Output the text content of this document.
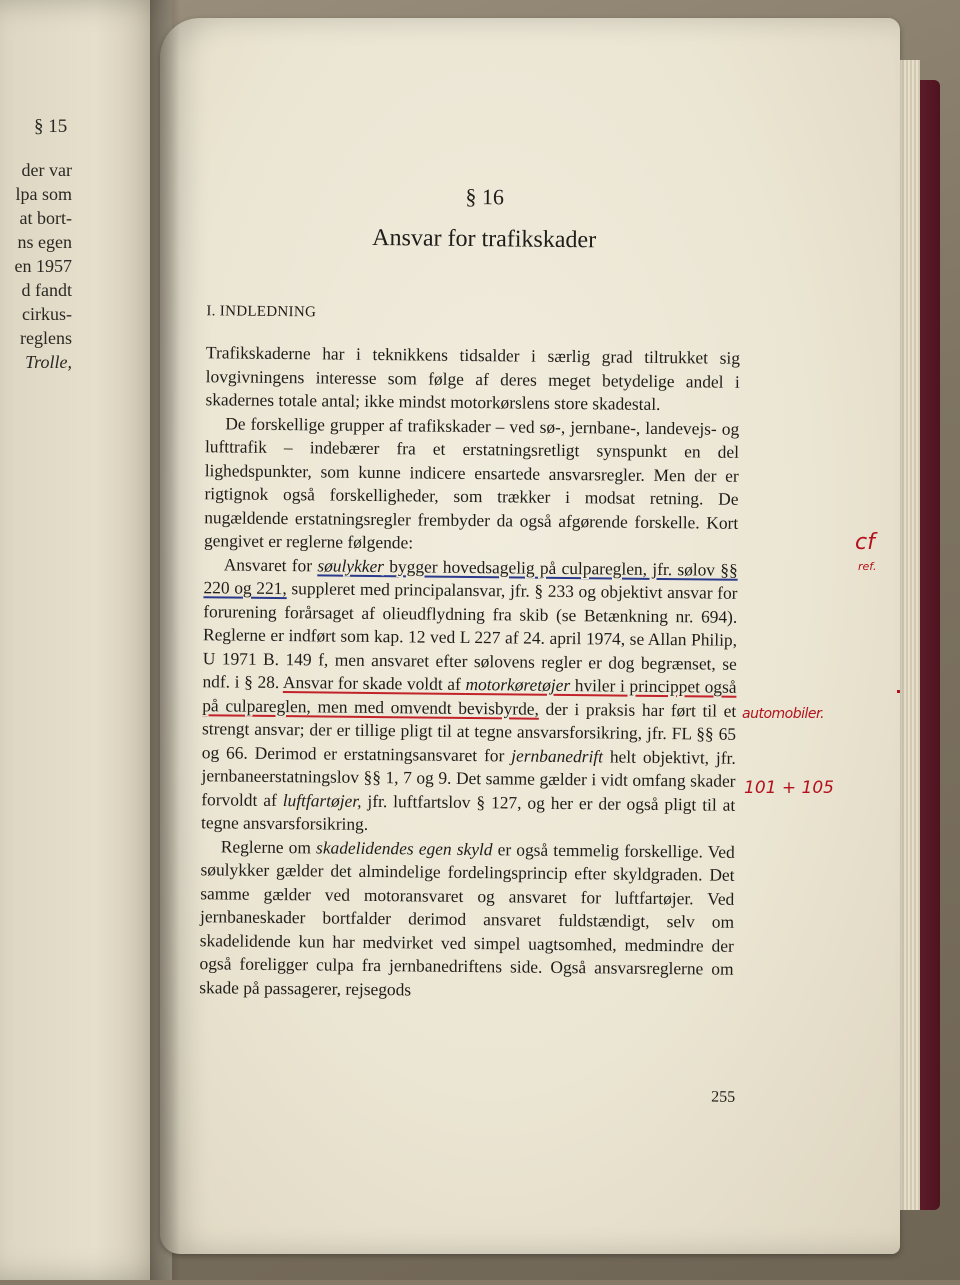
§ 15
der var
lpa som
at bort-
ns egen
en 1957
d fandt
cirkus-
reglens
Trolle,
§ 16
Ansvar for trafikskader
I. INDLEDNING

Trafikskaderne har i teknikkens tidsalder i særlig grad tiltrukket sig lovgivningens interesse som følge af deres meget betydelige andel i skadernes totale antal; ikke mindst motorkørslens store skadestal.

De forskellige grupper af trafikskader – ved sø-, jernbane-, landevejs- og lufttrafik – indebærer fra et erstatningsretligt synspunkt en del lighedspunkter, som kunne indicere ensartede ansvarsregler. Men der er rigtignok også forskelligheder, som trækker i modsat retning. De nugældende erstatningsregler frembyder da også afgørende forskelle. Kort gengivet er reglerne følgende:

Ansvaret for søulykker bygger hovedsagelig på culpareglen, jfr. sølov §§ 220 og 221, suppleret med principalansvar, jfr. § 233 og objektivt ansvar for forurening forårsaget af olieudflydning fra skib (se Betænkning nr. 694). Reglerne er indført som kap. 12 ved L 227 af 24. april 1974, se Allan Philip, U 1971 B. 149 f, men ansvaret efter sølovens regler er dog begrænset, se ndf. i § 28. Ansvar for skade voldt af motorkøretøjer hviler i princippet også på culpareglen, men med omvendt bevisbyrde, der i praksis har ført til et strengt ansvar; der er tillige pligt til at tegne ansvarsforsikring, jfr. FL §§ 65 og 66. Derimod er erstatningsansvaret for jernbanedrift helt objektivt, jfr. jernbaneerstatningslov §§ 1, 7 og 9. Det samme gælder i vidt omfang skader forvoldt af luftfartøjer, jfr. luftfartslov § 127, og her er der også pligt til at tegne ansvarsforsikring.

Reglerne om skadelidendes egen skyld er også temmelig forskellige. Ved søulykker gælder det almindelige fordelingsprincip efter skyldgraden. Det samme gælder ved motoransvaret og ansvaret for luftfartøjer. Ved jernbaneskader bortfalder derimod ansvaret fuldstændigt, selv om skadelidende kun har medvirket ved simpel uagtsomhed, medmindre der også foreligger culpa fra jernbanedriftens side. Også ansvarsreglerne om skade på passagerer, rejsegods

255
cf
ref.
automobiler.
101 + 105
